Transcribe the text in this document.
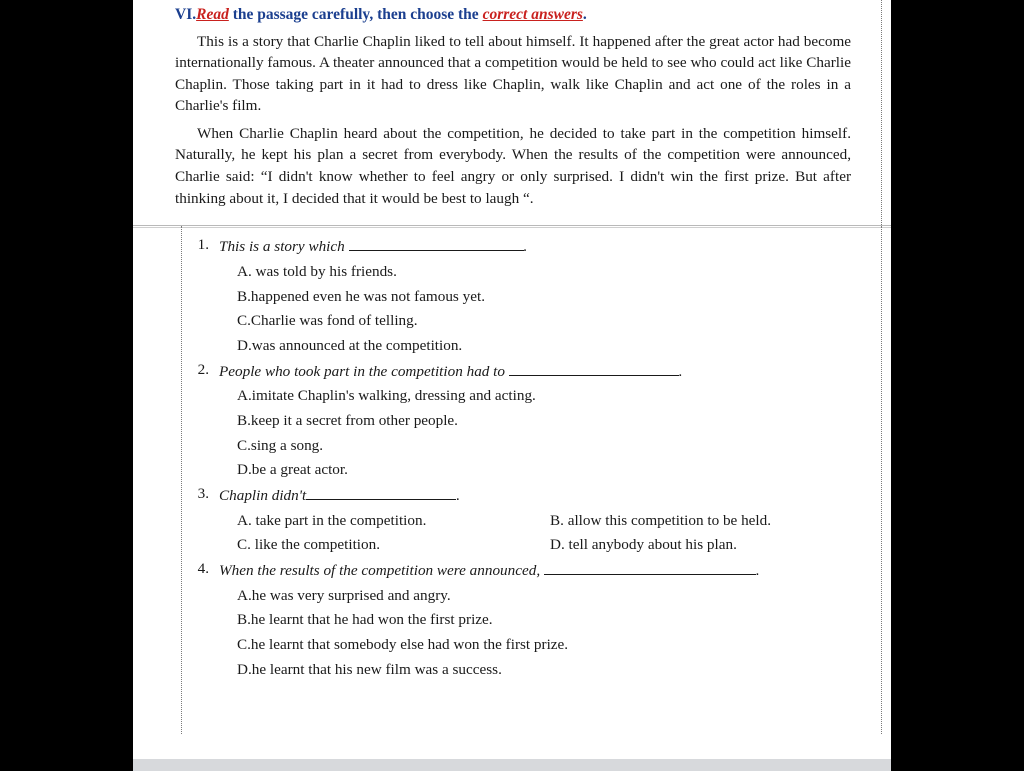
VI.Read the passage carefully, then choose the correct answers.

This is a story that Charlie Chaplin liked to tell about himself. It happened after the great actor had become internationally famous. A theater announced that a competition would be held to see who could act like Charlie Chaplin. Those taking part in it had to dress like Chaplin, walk like Chaplin and act one of the roles in a Charlie's film.

When Charlie Chaplin heard about the competition, he decided to take part in the competition himself. Naturally, he kept his plan a secret from everybody. When the results of the competition were announced, Charlie said: “I didn't know whether to feel angry or only surprised. I didn't win the first prize. But after thinking about it, I decided that it would be best to laugh “.

1. This is a story which	.
A. was told by his friends.
B.happened even he was not famous yet.
C.Charlie was fond of telling.
D.was announced at the competition.
2. People who took part in the competition had to	.
A.imitate Chaplin's walking, dressing and acting.
B.keep it a secret from other people.
C.sing a song.
D.be a great actor.
3. Chaplin didn't	.
A. take part in the competition.	B. allow this competition to be held.
C. like the competition.	D. tell anybody about his plan.
4. When the results of the competition were announced,	.
A.he was very surprised and angry.
B.he learnt that he had won the first prize.
C.he learnt that somebody else had won the first prize.
D.he learnt that his new film was a success.
